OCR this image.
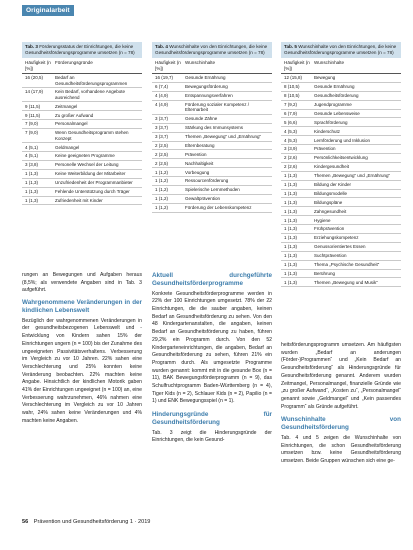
Originalarbeit
Tab. 3 Förderungsstatus der Einrichtungen, die keine Gesundheitsförderungsprogramme umsetzen (n = 78)
Häufigkeit (n [%])
Förderungsgründe
16 (20,5)	Bedarf an Gesundheitsförderungsprogrammen
14 (17,9)	Kein Bedarf, vorhandene Angebote ausreichend
9 (11,5)	Zeitmangel
9 (11,5)	Zu großer Aufwand
7 (9,0)	Personalmangel
7 (9,0)	Wenn Gesundheitsprogramm stehen Konzept
4 (5,1)	Geldmangel
4 (5,1)	Keine geeigneten Programme
3 (3,8)	Personelle Wechsel der Leitung
1 (1,3)	Keine Weiterbildung der Mitarbeiter
1 (1,3)	Unzufriedenheit der Programmanbieter
1 (1,3)	Fehlende Unterstützung durch Träger
1 (1,3)	Zufriedenheit mit Kinder
Tab. 4 Wunschinhalte von den Einrichtungen, die keine Gesundheitsförderungsprogramme umsetzen (n = 78)
Häufigkeit (n [%])
Wunschinhalte
16 (19,7)	Gesunde Ernährung
6 (7,4)	Bewegungsförderung
4 (4,9)	Entspannungsverfahren
4 (4,9)	Förderung sozialer Kompetenz / Elternarbeit
3 (3,7)	Gesunde Zähne
3 (3,7)	Stärkung des Immunsystems
3 (3,7)	Themen „Bewegung“ und „Ernährung“
2 (2,5)	Elternberatung
2 (2,5)	Prävention
2 (2,5)	Nachhaltigkeit
1 (1,2)	Vorbeugung
1 (1,2)	Ressourcenförderung
1 (1,2)	Spielerische Lernmethoden
1 (1,2)	Gewaltprävention
1 (1,2)	Förderung der Lebenskompetenz
Tab. 5 Wunschinhalte von den Einrichtungen, die keine Gesundheitsförderungsprogramme umsetzen (n = 78)
Häufigkeit (n [%])
Wunschinhalte
12 (15,8)	Bewegung
8 (10,5)	Gesunde Ernährung
8 (10,5)	Gesundheitsförderung
7 (9,2)	Jugendprogramme
6 (7,9)	Gesunde Lebensweise
5 (6,6)	Sprachförderung
4 (5,3)	Kinderschutz
4 (5,3)	Lernförderung und Inklusion
3 (3,9)	Prävention
2 (2,6)	Persönlichkeitsentwicklung
2 (2,6)	Kindergesundheit
1 (1,3)	Themen „Bewegung“ und „Ernährung“
1 (1,3)	Bildung der Kinder
1 (1,3)	Bildungsmodelle
1 (1,3)	Bildungspläne
1 (1,3)	Zahngesundheit
1 (1,3)	Hygiene
1 (1,3)	Frühprävention
1 (1,3)	Erziehungskompetenz
1 (1,3)	Genussorientiertes Essen
1 (1,3)	Suchtprävention
1 (1,3)	Thema „Psychische Gesundheit“
1 (1,3)	Berührung
1 (1,3)	Themen „Bewegung und Musik“

rungen an Bewegungen und Aufgaben heraus (8,5%; als verwendete Angaben sind in Tab. 3 aufgeführt.

Wahrgenommene Veränderungen in der kindlichen Lebenswelt

Bezüglich der wahrgenommenen Veränderungen in der gesundheitsbezogenen Lebenswelt und -Entwicklung von Kindern sahen 15% der Einrichtungen ungern (n = 100) bis der Zunahme des ungeeigneten Passivitätsverhaltens. Verbesserung im Vergleich zu vor 10 Jahren. 22% sahen eine Verschlechterung und 25% konnten keine Veränderung beobachten. 22% machten keine Angabe. Hinsichtlich der kindlichen Motorik gaben 41% der Einrichtungen ungeeignet (n = 100) an, eine Verbesserung wahrzunehmen, 46% nahmen eine Verschlechterung im Vergleich zu vor 10 Jahren wahr, 24% sahen keine Veränderungen und 4% machten keine Angaben.

Aktuell durchgeführte Gesundheitsförderprogramme

Konkrete Gesundheitsförderprogramme werden in 22% der 100 Einrichtungen umgesetzt. 78% der 22 Einrichtungen, die die sauber angaben, keinen Bedarf an Gesundheitsförderung zu sehen. Von den 48 Kindergartenanstalten, die angaben, keinen Bedarf an Gesundheitsförderung zu haben, führen 29,2% ein Programm durch. Von den 52 Kindergarteneinrichtungen, die angaben, Bedarf an Gesundheitsförderung zu sehen, führen 21% ein Programm durch. Als umgesetzte Programme wurden genannt: kommt mit in die gesunde Box (n = 11), BAK Bewegungsförderprogramm (n = 9), das Schulfruchtprogramm Baden-Württemberg (n = 4), Tiger Kids (n = 2), Schlauer Kids (n = 2), Papilio (n = 1) und ENK Bewegungsspiel (n = 1).

Hinderungsgründe für Gesundheitsförderung

Tab. 3 zeigt die Hinderungsgründe der Einrichtungen, die kein Gesund-

heitsförderungsprogramm umsetzen. Am häufigsten wurden „Bedarf an anderungen (Förder-)Programmen“ und „Kein Bedarf an Gesundheitsförderung“ als Hinderungsgründe für Gesundheitsförderung genannt. Anderem wurden Zeitmangel, Personalmangel, finanzielle Gründe wie „zu großer Aufwand“, „Kosten zu“, „Personalmangel“ genannt sowie „Geldmangel“ und „Kein passendes Programm“ als Gründe aufgeführt.

Wunschinhalte von Gesundheitsförderung

Tab. 4 und 5 zeigen die Wunschinhalte von Einrichtungen, die schon Gesundheitsförderung umsetzen bzw. keine Gesundheitsförderung umsetzen. Beide Gruppen wünschen sich eine ge-

56 Prävention und Gesundheitsförderung 1 · 2019
